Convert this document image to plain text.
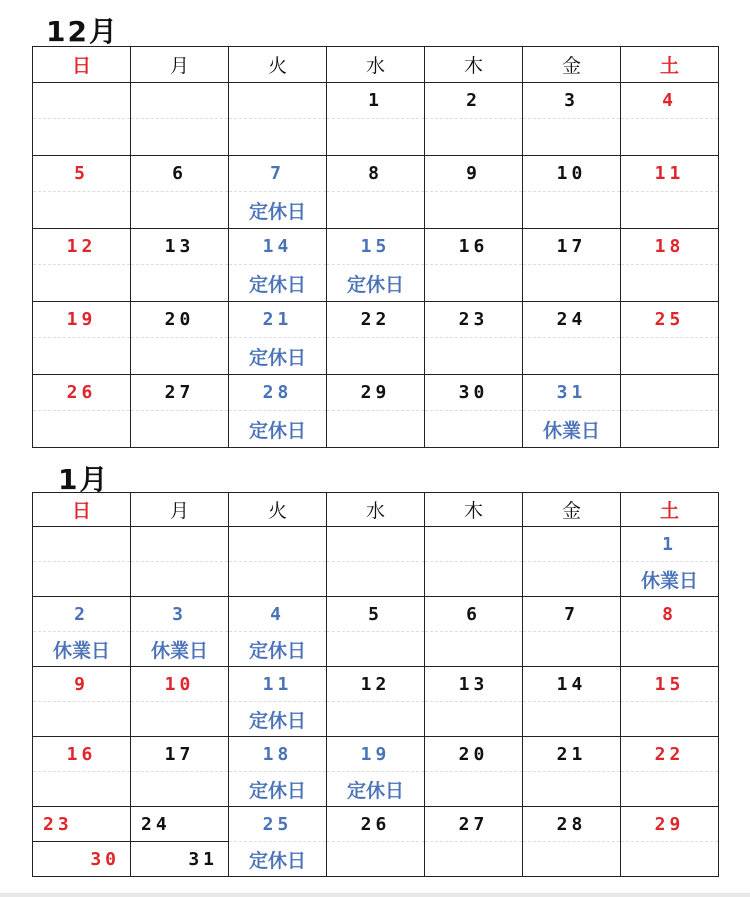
12月
日	月	火	水	木	金	土
			1	2	3	4

5	6	7	8	9	10	11
		定休日				
12	13	14	15	16	17	18
		定休日	定休日			
19	20	21	22	23	24	25
		定休日				
26	27	28	29	30	31	
		定休日			休業日	
1月
日	月	火	水	木	金	土
						1
						休業日
2	3	4	5	6	7	8
休業日	休業日	定休日				
9	10	11	12	13	14	15
		定休日				
16	17	18	19	20	21	22
		定休日	定休日			
23	24	25	26	27	28	29
30	31	定休日				
